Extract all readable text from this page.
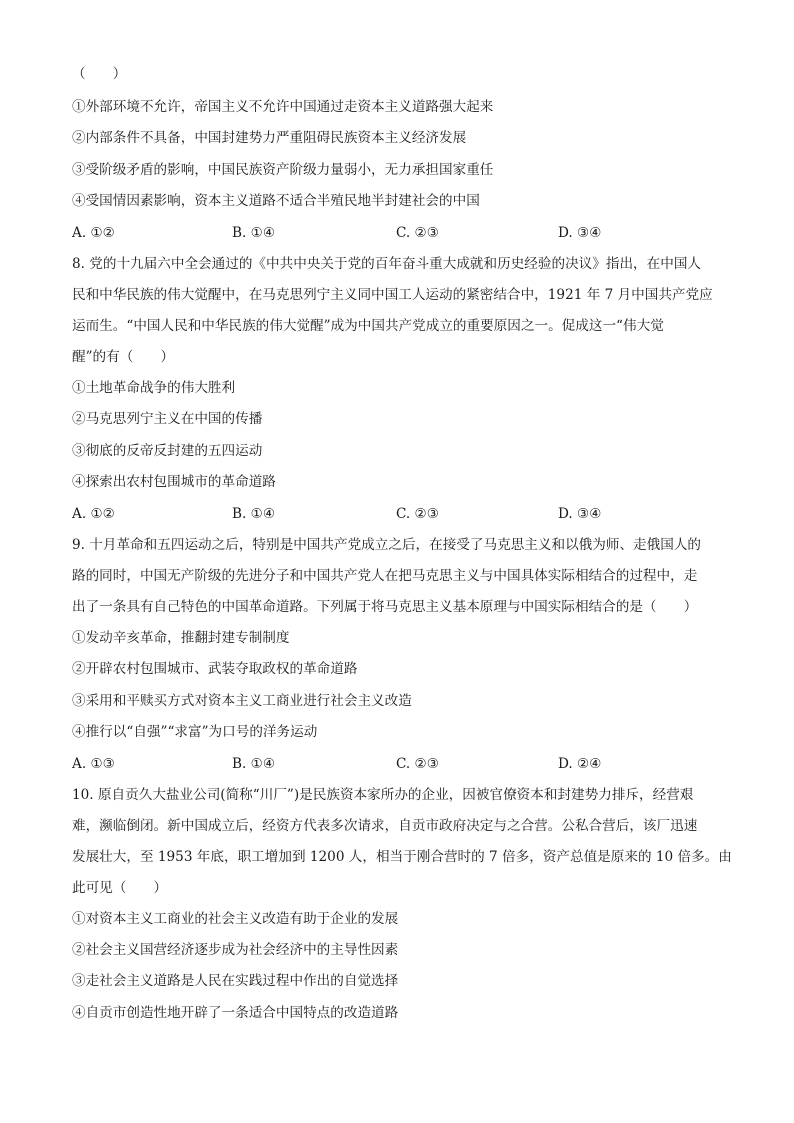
（　　）
①外部环境不允许，帝国主义不允许中国通过走资本主义道路强大起来
②内部条件不具备，中国封建势力严重阻碍民族资本主义经济发展
③受阶级矛盾的影响，中国民族资产阶级力量弱小，无力承担国家重任
④受国情因素影响，资本主义道路不适合半殖民地半封建社会的中国
A. ①②	B. ①④	C. ②③	D. ③④
8. 党的十九届六中全会通过的《中共中央关于党的百年奋斗重大成就和历史经验的决议》指出，在中国人
民和中华民族的伟大觉醒中，在马克思列宁主义同中国工人运动的紧密结合中，1921 年 7 月中国共产党应
运而生。“中国人民和中华民族的伟大觉醒”成为中国共产党成立的重要原因之一。促成这一“伟大觉
醒”的有（　　）
①土地革命战争的伟大胜利
②马克思列宁主义在中国的传播
③彻底的反帝反封建的五四运动
④探索出农村包围城市的革命道路
A. ①②	B. ①④	C. ②③	D. ③④
9. 十月革命和五四运动之后，特别是中国共产党成立之后，在接受了马克思主义和以俄为师、走俄国人的
路的同时，中国无产阶级的先进分子和中国共产党人在把马克思主义与中国具体实际相结合的过程中，走
出了一条具有自己特色的中国革命道路。下列属于将马克思主义基本原理与中国实际相结合的是（　　）
①发动辛亥革命，推翻封建专制制度
②开辟农村包围城市、武装夺取政权的革命道路
③采用和平赎买方式对资本主义工商业进行社会主义改造
④推行以“自强”“求富”为口号的洋务运动
A. ①③	B. ①④	C. ②③	D. ②④
10. 原自贡久大盐业公司(简称“川厂”)是民族资本家所办的企业，因被官僚资本和封建势力排斥，经营艰
难，濒临倒闭。新中国成立后，经资方代表多次请求，自贡市政府决定与之合营。公私合营后，该厂迅速
发展壮大，至 1953 年底，职工增加到 1200 人，相当于刚合营时的 7 倍多，资产总值是原来的 10 倍多。由
此可见（　　）
①对资本主义工商业的社会主义改造有助于企业的发展
②社会主义国营经济逐步成为社会经济中的主导性因素
③走社会主义道路是人民在实践过程中作出的自觉选择
④自贡市创造性地开辟了一条适合中国特点的改造道路
